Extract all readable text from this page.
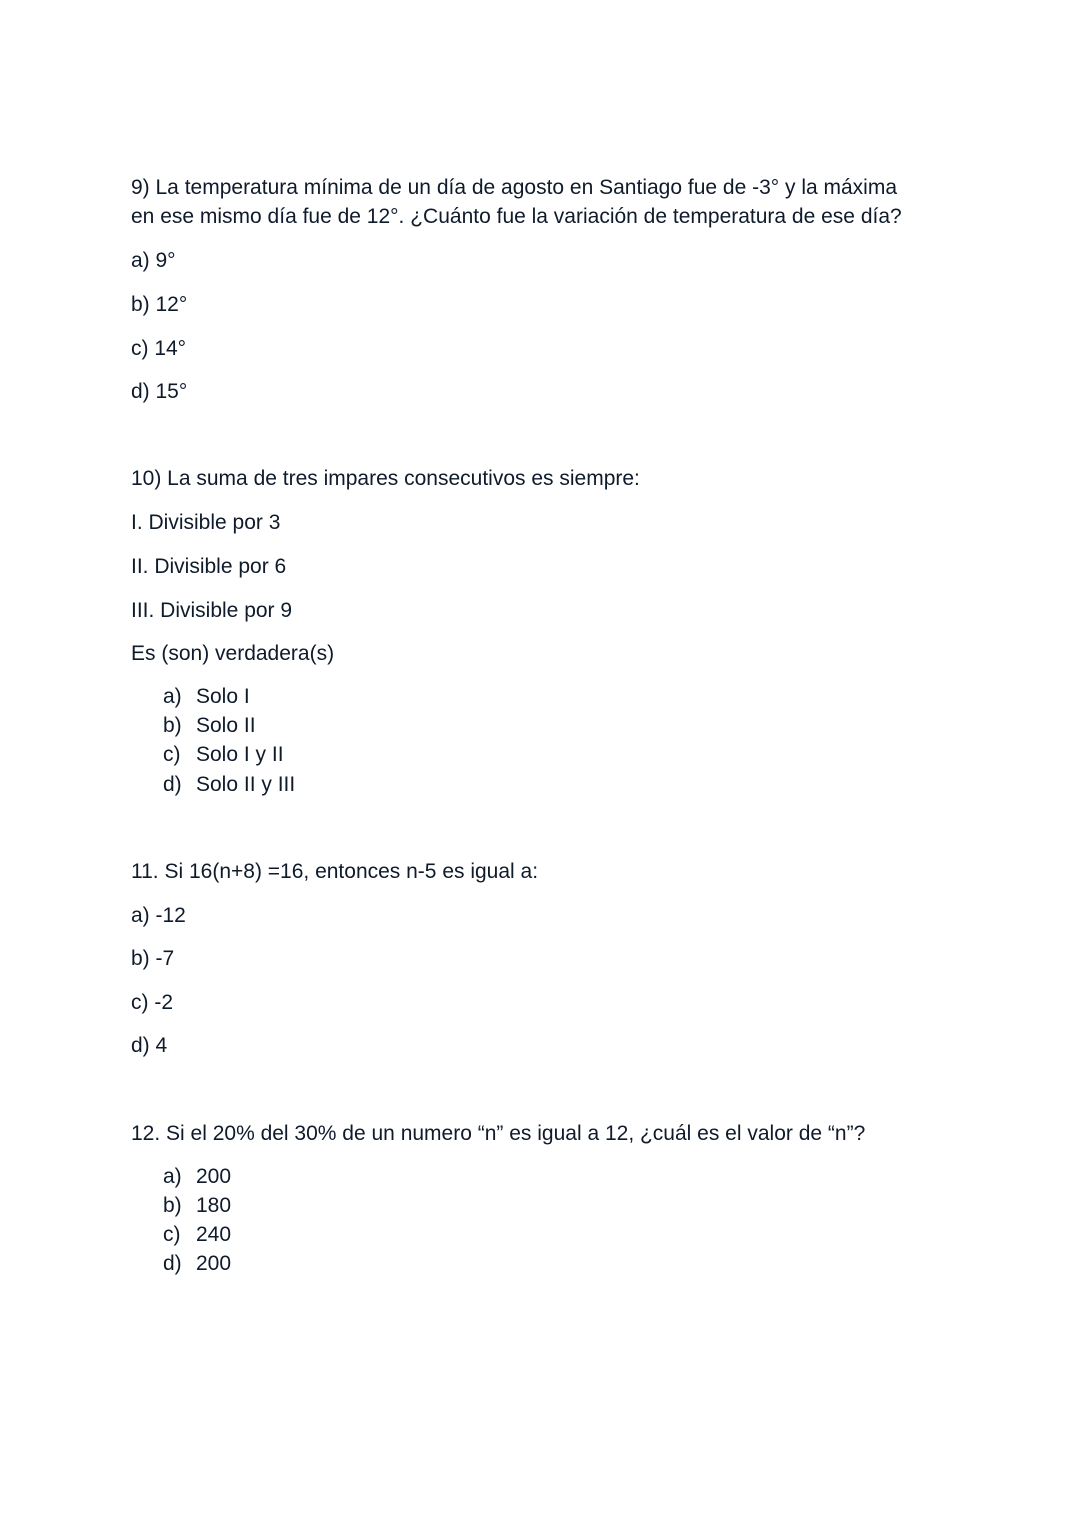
9) La temperatura mínima de un día de agosto en Santiago fue de -3° y la máxima
en ese mismo día fue de 12°. ¿Cuánto fue la variación de temperatura de ese día?
a) 9°
b) 12°
c) 14°
d) 15°
10) La suma de tres impares consecutivos es siempre:
I. Divisible por 3
II. Divisible por 6
III. Divisible por 9
Es (son) verdadera(s)
a) Solo I
b) Solo II
c) Solo I y II
d) Solo II y III
11. Si 16(n+8) =16, entonces n-5 es igual a:
a) -12
b) -7
c) -2
d) 4
12. Si el 20% del 30% de un numero “n” es igual a 12, ¿cuál es el valor de “n”?
a) 200
b) 180
c) 240
d) 200
